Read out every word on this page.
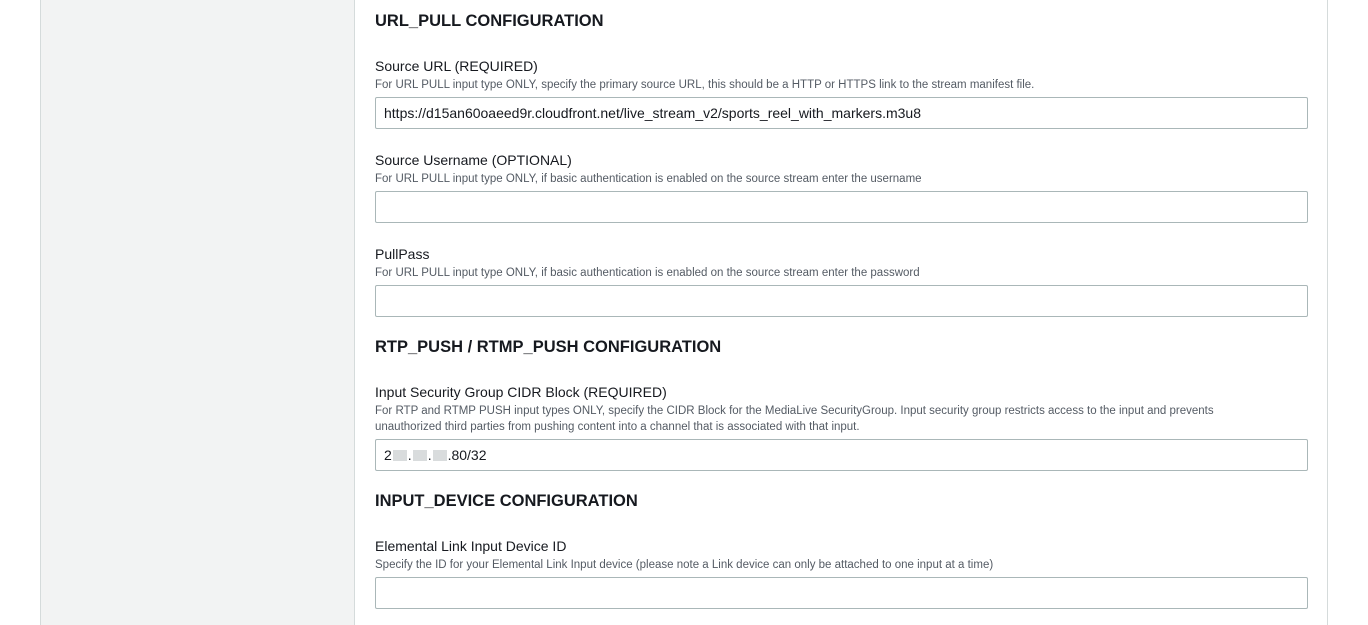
URL_PULL CONFIGURATION
Source URL (REQUIRED)
For URL PULL input type ONLY, specify the primary source URL, this should be a HTTP or HTTPS link to the stream manifest file.
https://d15an60oaeed9r.cloudfront.net/live_stream_v2/sports_reel_with_markers.m3u8
Source Username (OPTIONAL)
For URL PULL input type ONLY, if basic authentication is enabled on the source stream enter the username
PullPass
For URL PULL input type ONLY, if basic authentication is enabled on the source stream enter the password
RTP_PUSH / RTMP_PUSH CONFIGURATION
Input Security Group CIDR Block (REQUIRED)
For RTP and RTMP PUSH input types ONLY, specify the CIDR Block for the MediaLive SecurityGroup. Input security group restricts access to the input and prevents
unauthorized third parties from pushing content into a channel that is associated with that input.
2 . . .80/32
INPUT_DEVICE CONFIGURATION
Elemental Link Input Device ID
Specify the ID for your Elemental Link Input device (please note a Link device can only be attached to one input at a time)
